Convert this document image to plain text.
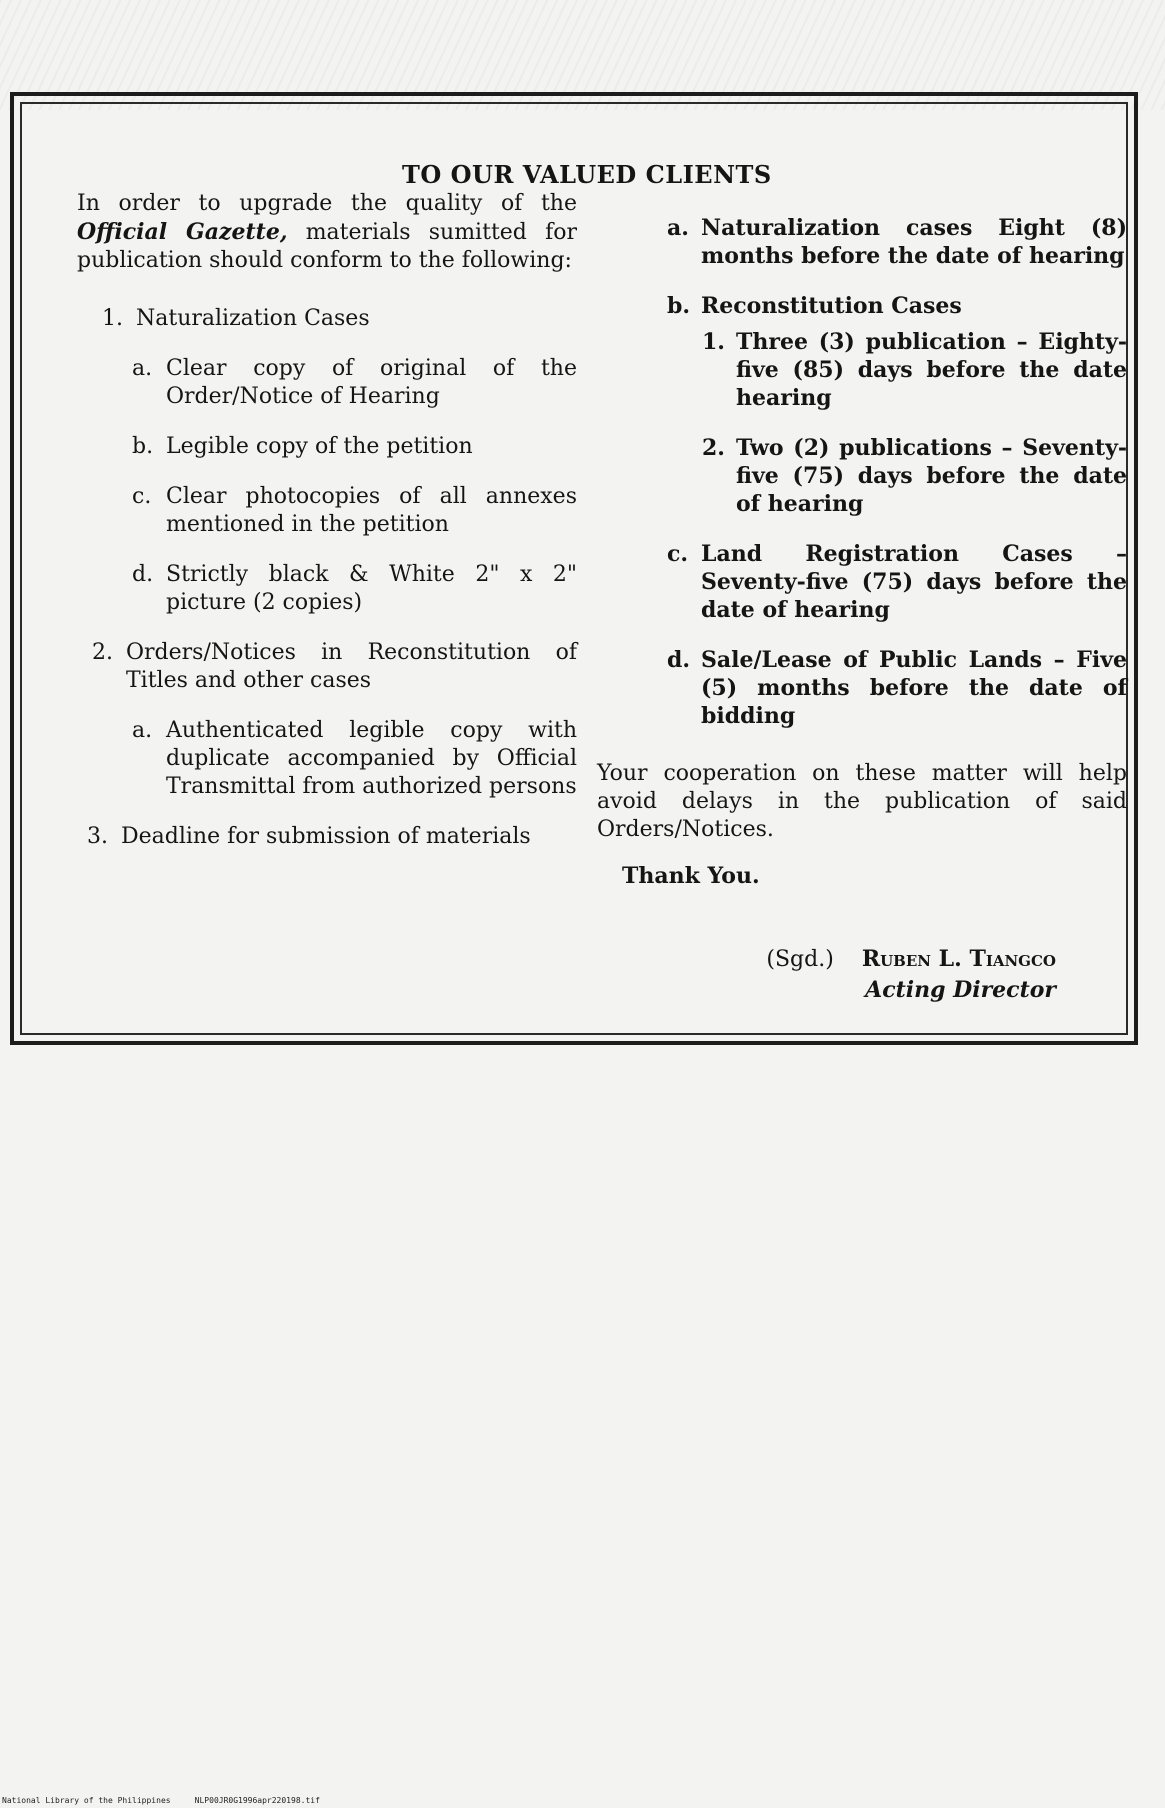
TO OUR VALUED CLIENTS

In order to upgrade the quality of the Official Gazette, materials sumitted for publication should conform to the following:

1. Naturalization Cases
a. Clear copy of original of the Order/Notice of Hearing
b. Legible copy of the petition
c. Clear photocopies of all annexes mentioned in the petition
d. Strictly black & White 2" x 2" picture (2 copies)
2. Orders/Notices in Reconstitution of Titles and other cases
a. Authenticated legible copy with duplicate accompanied by Official Transmittal from authorized persons
3. Deadline for submission of materials
a. Naturalization cases Eight (8) months before the date of hearing
b. Reconstitution Cases
1. Three (3) publication – Eighty-five (85) days before the date hearing
2. Two (2) publications – Seventy-five (75) days before the date of hearing
c. Land Registration Cases – Seventy-five (75) days before the date of hearing
d. Sale/Lease of Public Lands – Five (5) months before the date of bidding

Your cooperation on these matter will help avoid delays in the publication of said Orders/Notices.

Thank You.

(Sgd.) Ruben L. Tiangco
Acting Director
National Library of the Philippines	NLP00JR0G1996apr220198.tif
